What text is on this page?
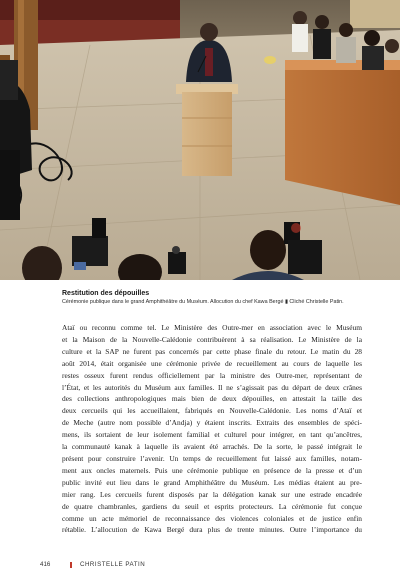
Restitution des dépouilles
Cérémonie publique dans le grand Amphithéâtre du Muséum. Allocution du chef Kawa Bergé ▮ Cliché Christelle Patin.
Ataï ou reconnu comme tel. Le Ministère des Outre-mer en association avec le Muséum
et la Maison de la Nouvelle-Calédonie contribuèrent à sa réalisation. Le Ministère de la
culture et la SAP ne furent pas concernés par cette phase finale du retour. Le matin du 28
août 2014, était organisée une cérémonie privée de recueillement au cours de laquelle les
restes osseux furent rendus officiellement par la ministre des Outre-mer, représentant de
l’État, et les autorités du Muséum aux familles. Il ne s’agissait pas du départ de deux crânes
des collections anthropologiques mais bien de deux dépouilles, en attestait la taille des
deux cercueils qui les accueillaient, fabriqués en Nouvelle-Calédonie. Les noms d’Ataï et
de Meche (autre nom possible d’Andja) y étaient inscrits. Extraits des ensembles de spéci-
mens, ils sortaient de leur isolement familial et culturel pour intégrer, en tant qu’ancêtres,
la communauté kanak à laquelle ils avaient été arrachés. De la sorte, le passé intégrait le
présent pour construire l’avenir. Un temps de recueillement fut laissé aux familles, notam-
ment aux oncles maternels. Puis une cérémonie publique en présence de la presse et d’un
public invité eut lieu dans le grand Amphithéâtre du Muséum. Les médias étaient au pre-
mier rang. Les cercueils furent disposés par la délégation kanak sur une estrade encadrée
de quatre chambranles, gardiens du seuil et esprits protecteurs. La cérémonie fut conçue
comme un acte mémoriel de reconnaissance des violences coloniales et de justice enfin
rétablie. L’allocution de Kawa Bergé dura plus de trente minutes. Outre l’importance du
416	CHRISTELLE PATIN
